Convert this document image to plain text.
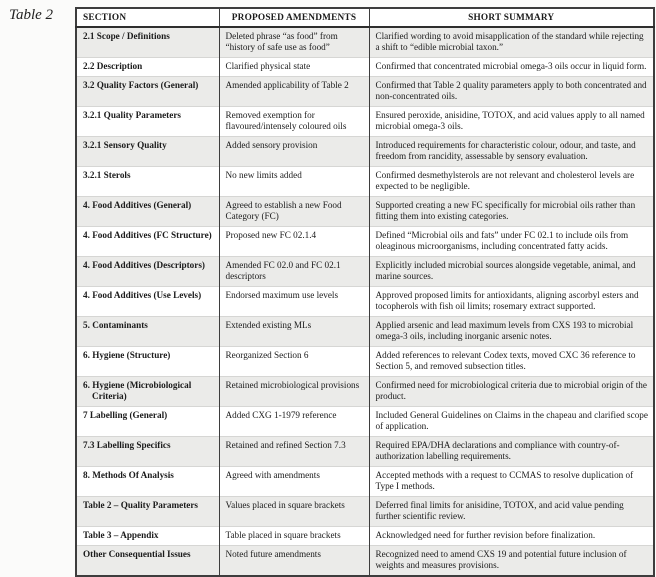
Table 2	SECTION	PROPOSED AMENDMENTS	SHORT SUMMARY

2.1 Scope / Definitions	Deleted phrase “as food” from “history of safe use as food”	Clarified wording to avoid misapplication of the standard while rejecting a shift to “edible microbial taxon.”

2.2 Description	Clarified physical state	Confirmed that concentrated microbial omega-3 oils occur in liquid form.

3.2 Quality Factors (General)	Amended applicability of Table 2	Confirmed that Table 2 quality parameters apply to both concentrated and non-concentrated oils.

3.2.1 Quality Parameters	Removed exemption for flavoured/intensely coloured oils	Ensured peroxide, anisidine, TOTOX, and acid values apply to all named microbial omega-3 oils.

3.2.1 Sensory Quality	Added sensory provision	Introduced requirements for characteristic colour, odour, and taste, and freedom from rancidity, assessable by sensory evaluation.

3.2.1 Sterols	No new limits added	Confirmed desmethylsterols are not relevant and cholesterol levels are expected to be negligible.

4. Food Additives (General)	Agreed to establish a new Food Category (FC)	Supported creating a new FC specifically for microbial oils rather than fitting them into existing categories.

4. Food Additives (FC Structure)	Proposed new FC 02.1.4	Defined “Microbial oils and fats” under FC 02.1 to include oils from oleaginous microorganisms, including concentrated fatty acids.

4. Food Additives (Descriptors)	Amended FC 02.0 and FC 02.1 descriptors	Explicitly included microbial sources alongside vegetable, animal, and marine sources.

4. Food Additives (Use Levels)	Endorsed maximum use levels	Approved proposed limits for antioxidants, aligning ascorbyl esters and tocopherols with fish oil limits; rosemary extract supported.

5. Contaminants	Extended existing MLs	Applied arsenic and lead maximum levels from CXS 193 to microbial omega-3 oils, including inorganic arsenic notes.

6. Hygiene (Structure)	Reorganized Section 6	Added references to relevant Codex texts, moved CXC 36 reference to Section 5, and removed subsection titles.

6. Hygiene (Microbiological Criteria)	Retained microbiological provisions	Confirmed need for microbiological criteria due to microbial origin of the product.

7 Labelling (General)	Added CXG 1-1979 reference	Included General Guidelines on Claims in the chapeau and clarified scope of application.

7.3 Labelling Specifics	Retained and refined Section 7.3	Required EPA/DHA declarations and compliance with country-of-authorization labelling requirements.

8. Methods Of Analysis	Agreed with amendments	Accepted methods with a request to CCMAS to resolve duplication of Type I methods.

Table 2 – Quality Parameters	Values placed in square brackets	Deferred final limits for anisidine, TOTOX, and acid value pending further scientific review.

Table 3 – Appendix	Table placed in square brackets	Acknowledged need for further revision before finalization.

Other Consequential Issues	Noted future amendments	Recognized need to amend CXS 19 and potential future inclusion of weights and measures provisions.
